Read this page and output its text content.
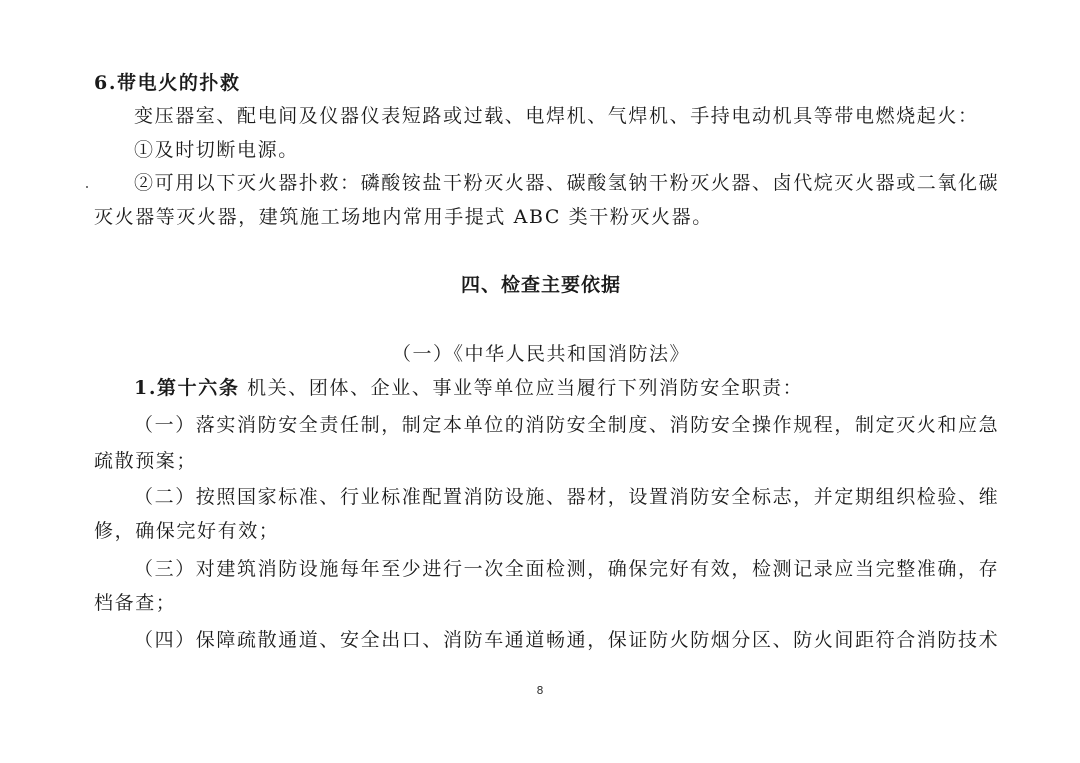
6.带电火的扑救
变压器室、配电间及仪器仪表短路或过载、电焊机、气焊机、手持电动机具等带电燃烧起火：
①及时切断电源。
②可用以下灭火器扑救：磷酸铵盐干粉灭火器、碳酸氢钠干粉灭火器、卤代烷灭火器或二氧化碳
灭火器等灭火器，建筑施工场地内常用手提式 ABC 类干粉灭火器。
四、检查主要依据
（一）《中华人民共和国消防法》
1.第十六条 机关、团体、企业、事业等单位应当履行下列消防安全职责：
（一）落实消防安全责任制，制定本单位的消防安全制度、消防安全操作规程，制定灭火和应急
疏散预案；
（二）按照国家标准、行业标准配置消防设施、器材，设置消防安全标志，并定期组织检验、维
修，确保完好有效；
（三）对建筑消防设施每年至少进行一次全面检测，确保完好有效，检测记录应当完整准确，存
档备查；
（四）保障疏散通道、安全出口、消防车通道畅通，保证防火防烟分区、防火间距符合消防技术
8
